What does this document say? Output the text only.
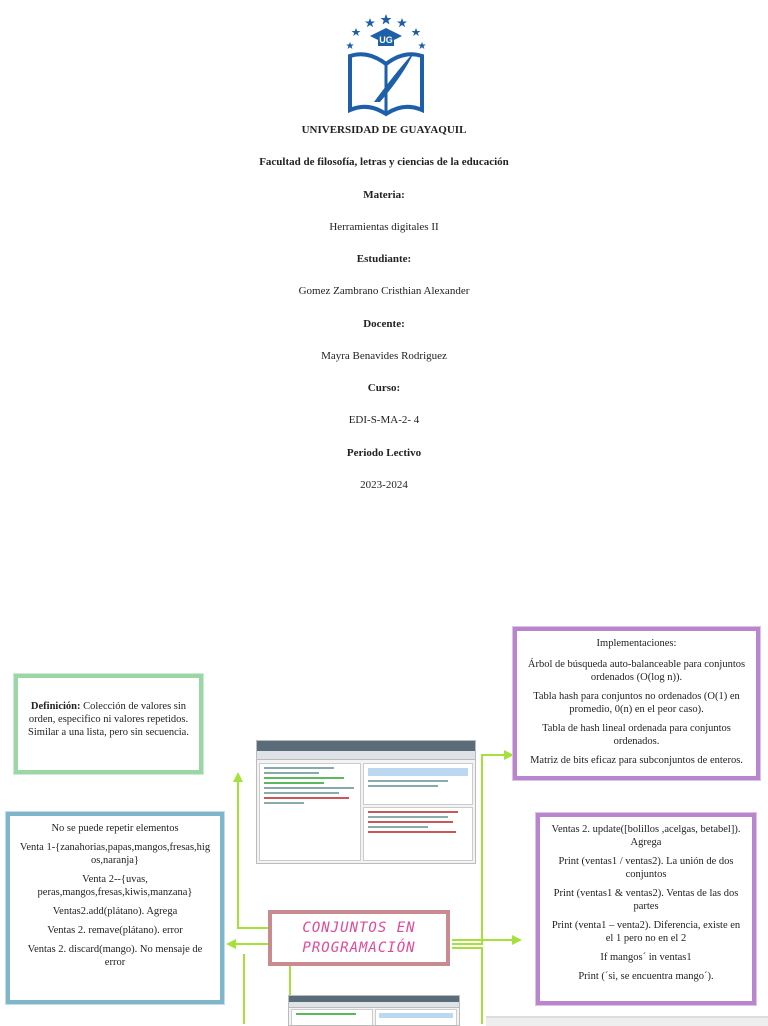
UG
UNIVERSIDAD DE GUAYAQUIL
Facultad de filosofía, letras y ciencias de la educación
Materia:
Herramientas digitales II
Estudiante:
Gomez Zambrano Cristhian Alexander
Docente:
Mayra Benavides Rodriguez
Curso:
EDI-S-MA-2- 4
Periodo Lectivo
2023-2024
Definición: Colección de valores sin orden, especifico ni valores repetidos. Similar a una lista, pero sin secuencia.

No se puede repetir elementos

Venta 1-{zanahorias,papas,mangos,fresas,higos,naranja}

Venta 2--{uvas, peras,mangos,fresas,kiwis,manzana}

Ventas2.add(plátano). Agrega

Ventas 2. remave(plátano). error

Ventas 2. discard(mango). No mensaje de error

Implementaciones:

Árbol de búsqueda auto-balanceable para conjuntos ordenados (O(log n)).

Tabla hash para conjuntos no ordenados (O(1) en promedio, 0(n) en el peor caso).

Tabla de hash lineal ordenada para conjuntos ordenados.

Matriz de bits eficaz para subconjuntos de enteros.

Ventas 2. update([bolillos ,acelgas, betabel]). Agrega

Print (ventas1 / ventas2). La unión de dos conjuntos

Print (ventas1 & ventas2). Ventas de las dos partes

Print (venta1 – venta2). Diferencia, existe en el 1 pero no en el 2

If mangos´ in ventas1

Print (´si, se encuentra mango´).

CONJUNTOS EN PROGRAMACIÓN
